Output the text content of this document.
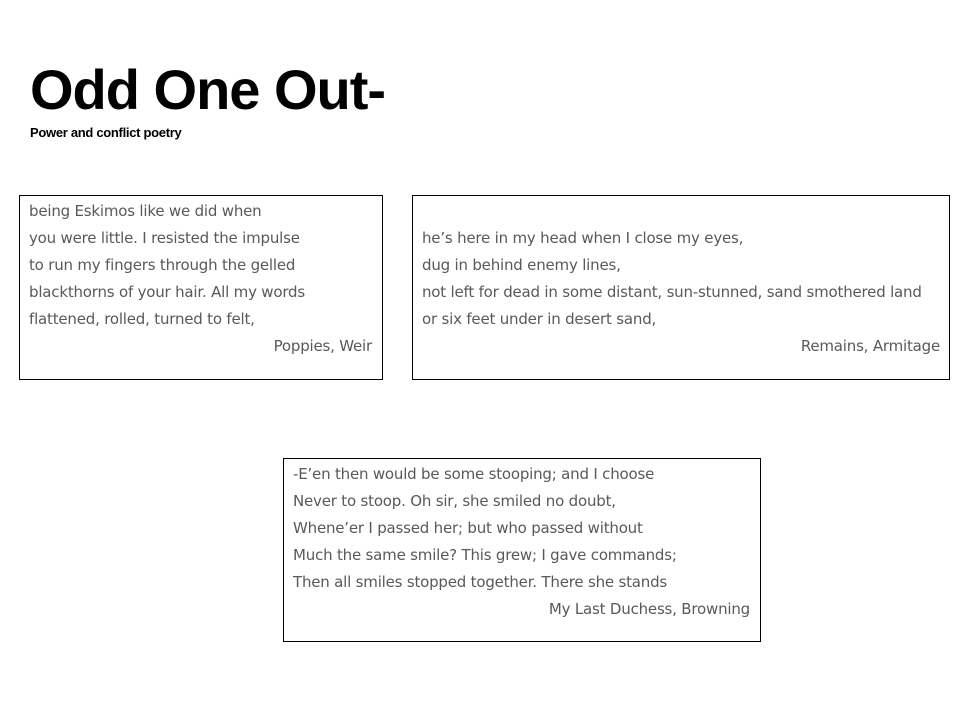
Odd One Out-
Power and conflict poetry
being Eskimos like we did when
you were little. I resisted the impulse
to run my fingers through the gelled
blackthorns of your hair. All my words
flattened, rolled, turned to felt,
Poppies, Weir
he’s here in my head when I close my eyes,
dug in behind enemy lines,
not left for dead in some distant, sun-stunned, sand smothered land
or six feet under in desert sand,
Remains, Armitage
-E’en then would be some stooping; and I choose
Never to stoop. Oh sir, she smiled no doubt,
Whene’er I passed her; but who passed without
Much the same smile? This grew; I gave commands;
Then all smiles stopped together. There she stands
My Last Duchess, Browning
